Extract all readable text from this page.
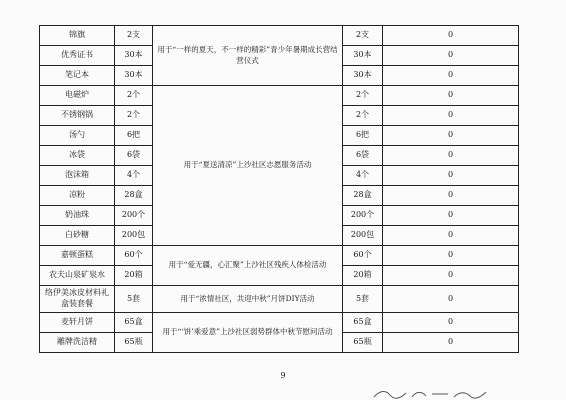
锦旗	2支	用于“一样的夏天，不一样的精彩”青少年暑期成长营结营仪式	2支	0
优秀证书	30本		30本	0
笔记本	30本		30本	0
电磁炉	2个	用于“夏送清凉”上沙社区志愿服务活动	2个	0
不锈钢锅	2个		2个	0
汤勺	6把		6把	0
冰袋	6袋		6袋	0
泡沫箱	4个		4个	0
凉粉	28盒		28盒	0
奶油珠	200个		200个	0
白砂糖	200包		200包	0
嘉顿蛋糕	60个	用于“爱无疆，心汇聚”上沙社区残疾人体检活动	60个	0
农夫山泉矿泉水	20箱		20箱	0
络伊美冰皮材料礼盒装套餐	5套	用于“浓情社区，共迎中秋”月饼DIY活动	5套	0
麦轩月饼	65盒	用于“‘饼’乘爱意”上沙社区弱势群体中秋节慰问活动	65盒	0
雕牌洗洁精	65瓶		65瓶	0
9
